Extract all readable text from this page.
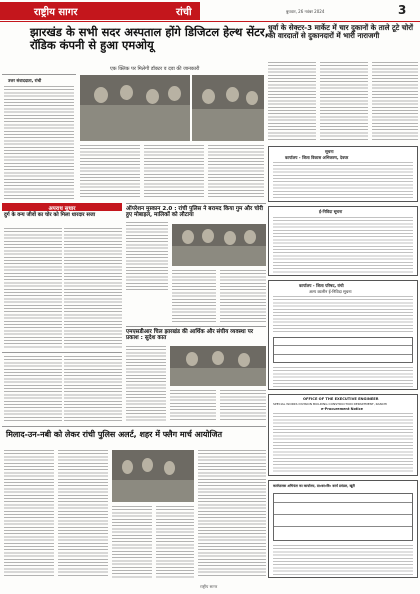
राष्ट्रीय सागर	रांची	बुधवार, 26 नवंबर 2024	3
झारखंड के सभी सदर अस्पताल होंगे डिजिटल हेल्थ सेंटर, रॉडिक कंपनी से हुआ एमओयू
एक क्लिक पर मिलेगी डॉक्टर व दवा की जानकारी
धुर्वा के सेक्टर-3 मार्केट में चार दुकानों के ताले टूटे चोरों की वारदातों से दुकानदारों में भारी नाराजगी
उत्तर संवाददाता, रांची
सूचना
कार्यालय - जिला विकास अभिकरण, देवघर
अपराध सुधार
दुर्ग के वन्य जीवों का चोर को मिला धारदार सजा
ऑपरेशन मुस्कान 2.0 : रांची पुलिस ने बरामद किया गुम और चोरी हुए मोबाइल, मालिकों को लौटाया
ई-निविदा सूचना
कार्यालय - जिला परिषद, रांची
अल्प कालीन ई-निविदा सूचना
एमएसडीआर चिल झारखंड की आर्थिक और संघीय व्यवस्था पर प्रकाश : सुदेश कात
OFFICE OF THE EXECUTIVE ENGINEER
SPECIAL WORKS DIVISION BUILDING CONSTRUCTION DEPARTMENT, RANCHI
e-Procurement Notice
मिलाद-उन-नबी को लेकर रांची पुलिस अलर्ट, शहर में फ्लैग मार्च आयोजित
कार्यपालक अभियंता का कार्यालय, ग्रा०का०वि० कार्य प्रमंडल, खूंटी
राष्ट्रीय सागर
